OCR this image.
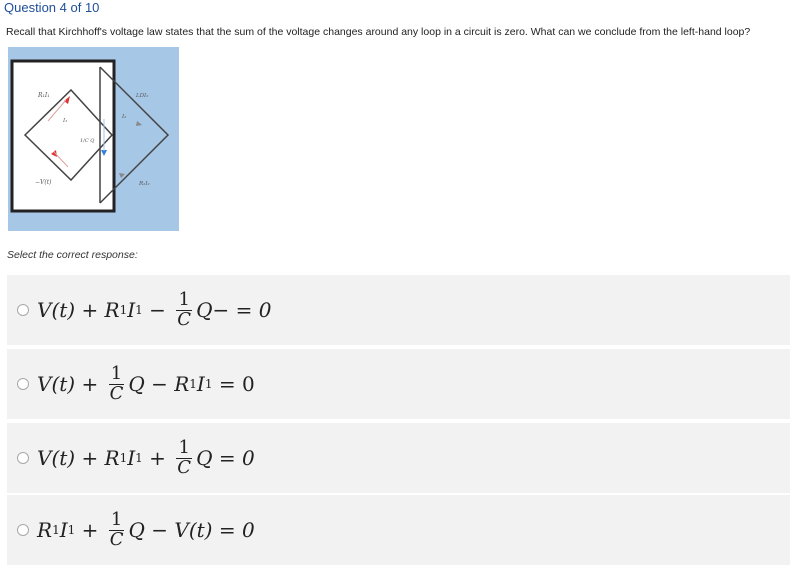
Question 4 of 10
Recall that Kirchhoff's voltage law states that the sum of the voltage changes around any loop in a circuit is zero. What can we conclude from the left-hand loop?
R₁I₁	LDI₂
I₁
I₂
1/C Q
−V(t)	R₂I₂
Select the correct response:
V(t) + R 1 I $1 - \frac{1}{C} Q- = 0$
$V(t) + \frac{1}{C}$ Q − R 1 I 1 = 0
V(t) + R 1 I $1 + \frac{1}{C}$ Q = 0
R 1 I $1 + \frac{1}{C}$ Q − V(t) = 0
